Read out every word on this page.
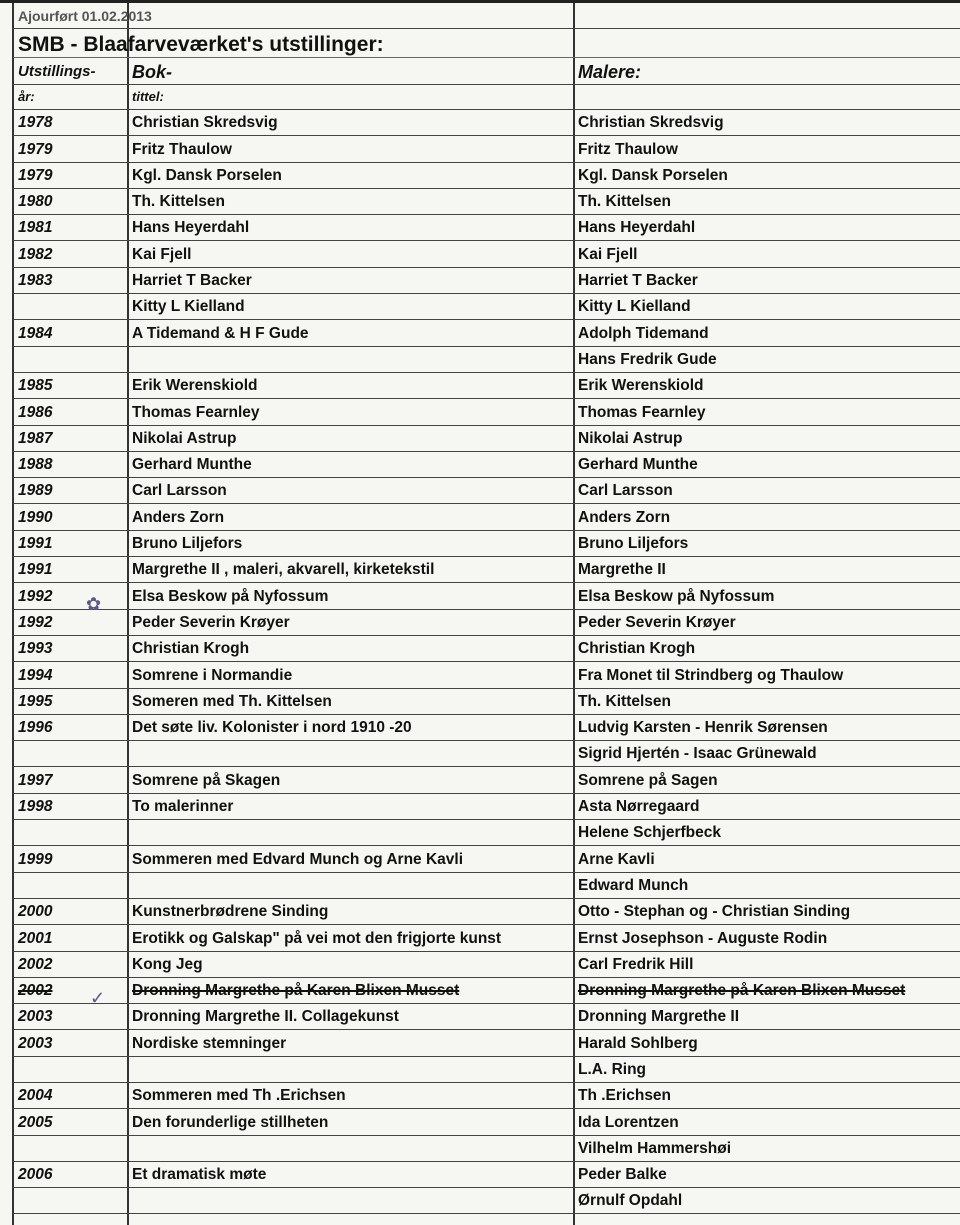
Ajourført 01.02.2013		
SMB - Blaafarveværket's utstillinger:		
Utstillings-	Bok-	Malere:
år:	tittel:	
1978	Christian Skredsvig	Christian Skredsvig
1979	Fritz Thaulow	Fritz Thaulow
1979	Kgl. Dansk Porselen	Kgl. Dansk Porselen
1980	Th. Kittelsen	Th. Kittelsen
1981	Hans Heyerdahl	Hans Heyerdahl
1982	Kai Fjell	Kai Fjell
1983	Harriet T Backer	Harriet T Backer
	Kitty L Kielland	Kitty L Kielland
1984	A Tidemand & H F Gude	Adolph Tidemand
		Hans Fredrik Gude
1985	Erik Werenskiold	Erik Werenskiold
1986	Thomas Fearnley	Thomas Fearnley
1987	Nikolai Astrup	Nikolai Astrup
1988	Gerhard Munthe	Gerhard Munthe
1989	Carl Larsson	Carl Larsson
1990	Anders Zorn	Anders Zorn
1991	Bruno Liljefors	Bruno Liljefors
1991	Margrethe II , maleri, akvarell, kirketekstil	Margrethe II
1992	Elsa Beskow på Nyfossum	Elsa Beskow på Nyfossum
1992	Peder Severin Krøyer	Peder Severin Krøyer
1993	Christian Krogh	Christian Krogh
1994	Somrene i Normandie	Fra Monet til Strindberg og Thaulow
1995	Someren med Th. Kittelsen	Th. Kittelsen
1996	Det søte liv. Kolonister i nord 1910 -20	Ludvig Karsten - Henrik Sørensen
		Sigrid Hjertén - Isaac Grünewald
1997	Somrene på Skagen	Somrene på Sagen
1998	To malerinner	Asta Nørregaard
		Helene Schjerfbeck
1999	Sommeren med Edvard Munch og Arne Kavli	Arne Kavli
		Edward Munch
2000	Kunstnerbrødrene Sinding	Otto - Stephan og - Christian Sinding
2001	Erotikk og Galskap" på vei mot den frigjorte kunst	Ernst Josephson - Auguste Rodin
2002	Kong Jeg	Carl Fredrik Hill
2002	Dronning Margrethe på Karen Blixen Musset	Dronning Margrethe på Karen Blixen Musset
2003	Dronning Margrethe II. Collagekunst	Dronning Margrethe II
2003	Nordiske stemninger	Harald Sohlberg
		L.A. Ring
2004	Sommeren med Th .Erichsen	Th .Erichsen
2005	Den forunderlige stillheten	Ida Lorentzen
		Vilhelm Hammershøi
2006	Et dramatisk møte	Peder Balke
		Ørnulf Opdahl
✿
✓
